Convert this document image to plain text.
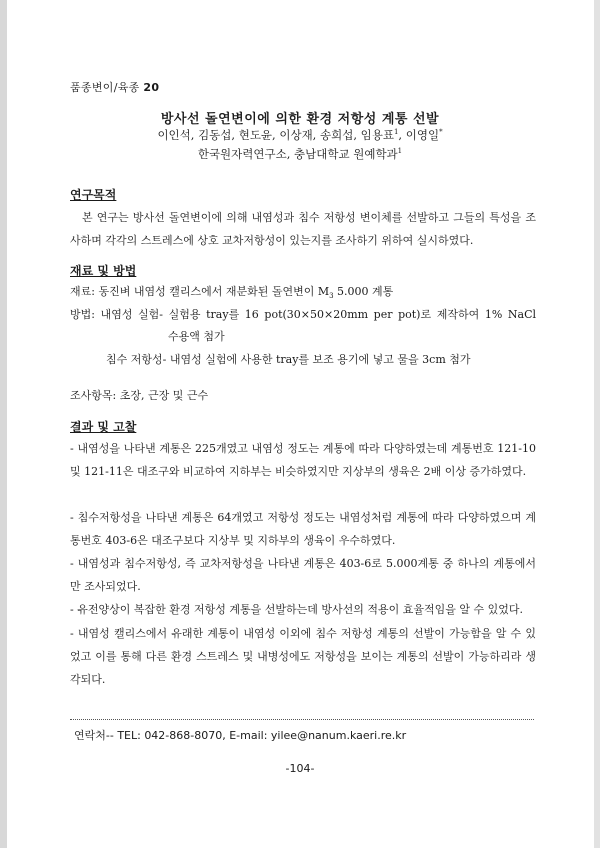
품종변이/육종 20
방사선 돌연변이에 의한 환경 저항성 계통 선발
이인석, 김동섭, 현도윤, 이상재, 송희섭, 임용표$^1$, 이영일*
한국원자력연구소, 충남대학교 원예학과$^1$
연구목적
본 연구는 방사선 돌연변이에 의해 내염성과 침수 저항성 변이체를 선발하고 그들의 특성을 조사하며 각각의 스트레스에 상호 교차저항성이 있는지를 조사하기 위하여 실시하였다.
재료 및 방법
재료: 동진벼 내염성 캘리스에서 재분화된 돌연변이 $M_3$ 5.000 계통
방법: 내염성 실험- 실험용 tray를 16 pot(30×50×20mm per pot)로 제작하여 1% NaCl
수용액 첨가
침수 저항성- 내염성 실험에 사용한 tray를 보조 용기에 넣고 물을 3cm 첨가
조사항목: 초장, 근장 및 근수
결과 및 고찰
- 내염성을 나타낸 계통은 225개였고 내염성 정도는 계통에 따라 다양하였는데 계통번호 121-10 및 121-11은 대조구와 비교하여 지하부는 비슷하였지만 지상부의 생육은 2배 이상 증가하였다.
- 침수저항성을 나타낸 계통은 64개였고 저항성 정도는 내염성처럼 계통에 따라 다양하였으며 계통번호 403-6은 대조구보다 지상부 및 지하부의 생육이 우수하였다.
- 내염성과 침수저항성, 즉 교차저항성을 나타낸 계통은 403-6로 5.000계통 중 하나의 계통에서 만 조사되었다.
- 유전양상이 복잡한 환경 저항성 계통을 선발하는데 방사선의 적용이 효율적임을 알 수 있었다.
- 내염성 캘리스에서 유래한 계통이 내염성 이외에 침수 저항성 계통의 선발이 가능함을 알 수 있었고 이를 통해 다른 환경 스트레스 및 내병성에도 저항성을 보이는 계통의 선발이 가능하리라 생각되다.
연락처-- TEL: 042-868-8070, E-mail: yilee@nanum.kaeri.re.kr
-104-
